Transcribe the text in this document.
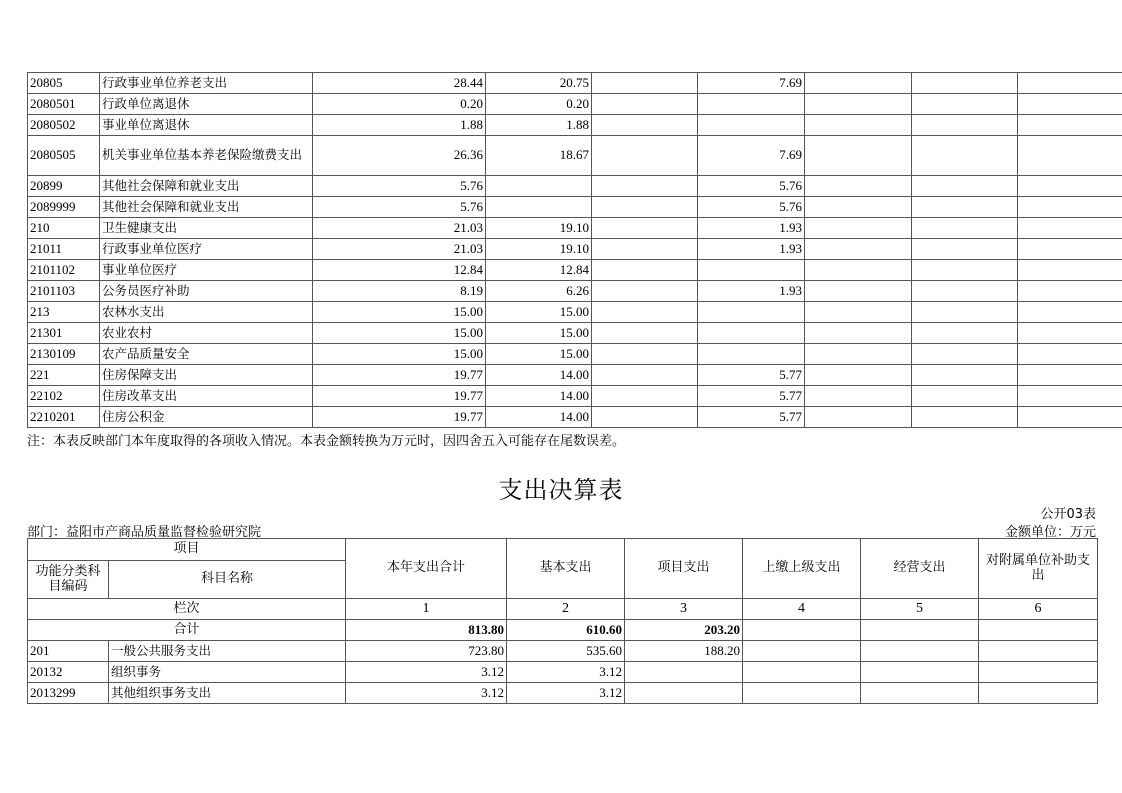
20805	行政事业单位养老支出	28.44	20.75		7.69			
2080501	行政单位离退休	0.20	0.20					
2080502	事业单位离退休	1.88	1.88					
2080505	机关事业单位基本养老保险缴费支出	26.36	18.67		7.69			
20899	其他社会保障和就业支出	5.76			5.76			
2089999	其他社会保障和就业支出	5.76			5.76			
210	卫生健康支出	21.03	19.10		1.93			
21011	行政事业单位医疗	21.03	19.10		1.93			
2101102	事业单位医疗	12.84	12.84					
2101103	公务员医疗补助	8.19	6.26		1.93			
213	农林水支出	15.00	15.00					
21301	农业农村	15.00	15.00					
2130109	农产品质量安全	15.00	15.00					
221	住房保障支出	19.77	14.00		5.77			
22102	住房改革支出	19.77	14.00		5.77			
2210201	住房公积金	19.77	14.00		5.77			
注：本表反映部门本年度取得的各项收入情况。本表金额转换为万元时，因四舍五入可能存在尾数误差。
支出决算表
公开03表
部门：益阳市产商品质量监督检验研究院	金额单位：万元
项目		本年支出合计	基本支出	项目支出	上缴上级支出	经营支出	对附属单位补助支出
功能分类科目编码	科目名称						
栏次		1	2	3	4	5	6
合计		813.80	610.60	203.20			
201	一般公共服务支出	723.80	535.60	188.20			
20132	组织事务	3.12	3.12				
2013299	其他组织事务支出	3.12	3.12				
